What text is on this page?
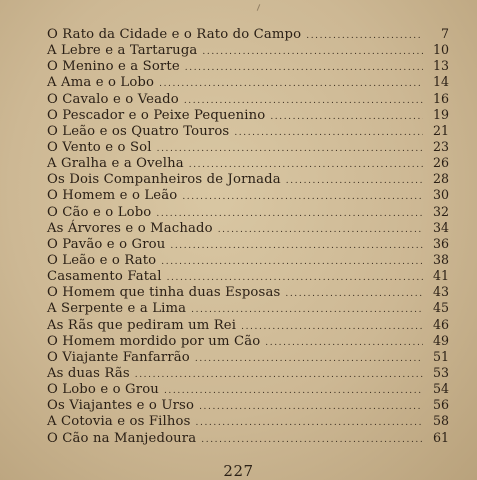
O Rato da Cidade e o Rato do Campo .....	7
A Lebre e a Tartaruga .....	10
O Menino e a Sorte .....	13
A Ama e o Lobo .....	14
O Cavalo e o Veado .....	16
O Pescador e o Peixe Pequenino .....	19
O Leão e os Quatro Touros .....	21
O Vento e o Sol .....	23
A Gralha e a Ovelha .....	26
Os Dois Companheiros de Jornada .....	28
O Homem e o Leão .....	30
O Cão e o Lobo .....	32
As Árvores e o Machado .....	34
O Pavão e o Grou .....	36
O Leão e o Rato .....	38
Casamento Fatal .....	41
O Homem que tinha duas Esposas .....	43
A Serpente e a Lima .....	45
As Rãs que pediram um Rei .....	46
O Homem mordido por um Cão .....	49
O Viajante Fanfarrão .....	51
As duas Rãs .....	53
O Lobo e o Grou .....	54
Os Viajantes e o Urso .....	56
A Cotovia e os Filhos .....	58
O Cão na Manjedoura .....	61
227
